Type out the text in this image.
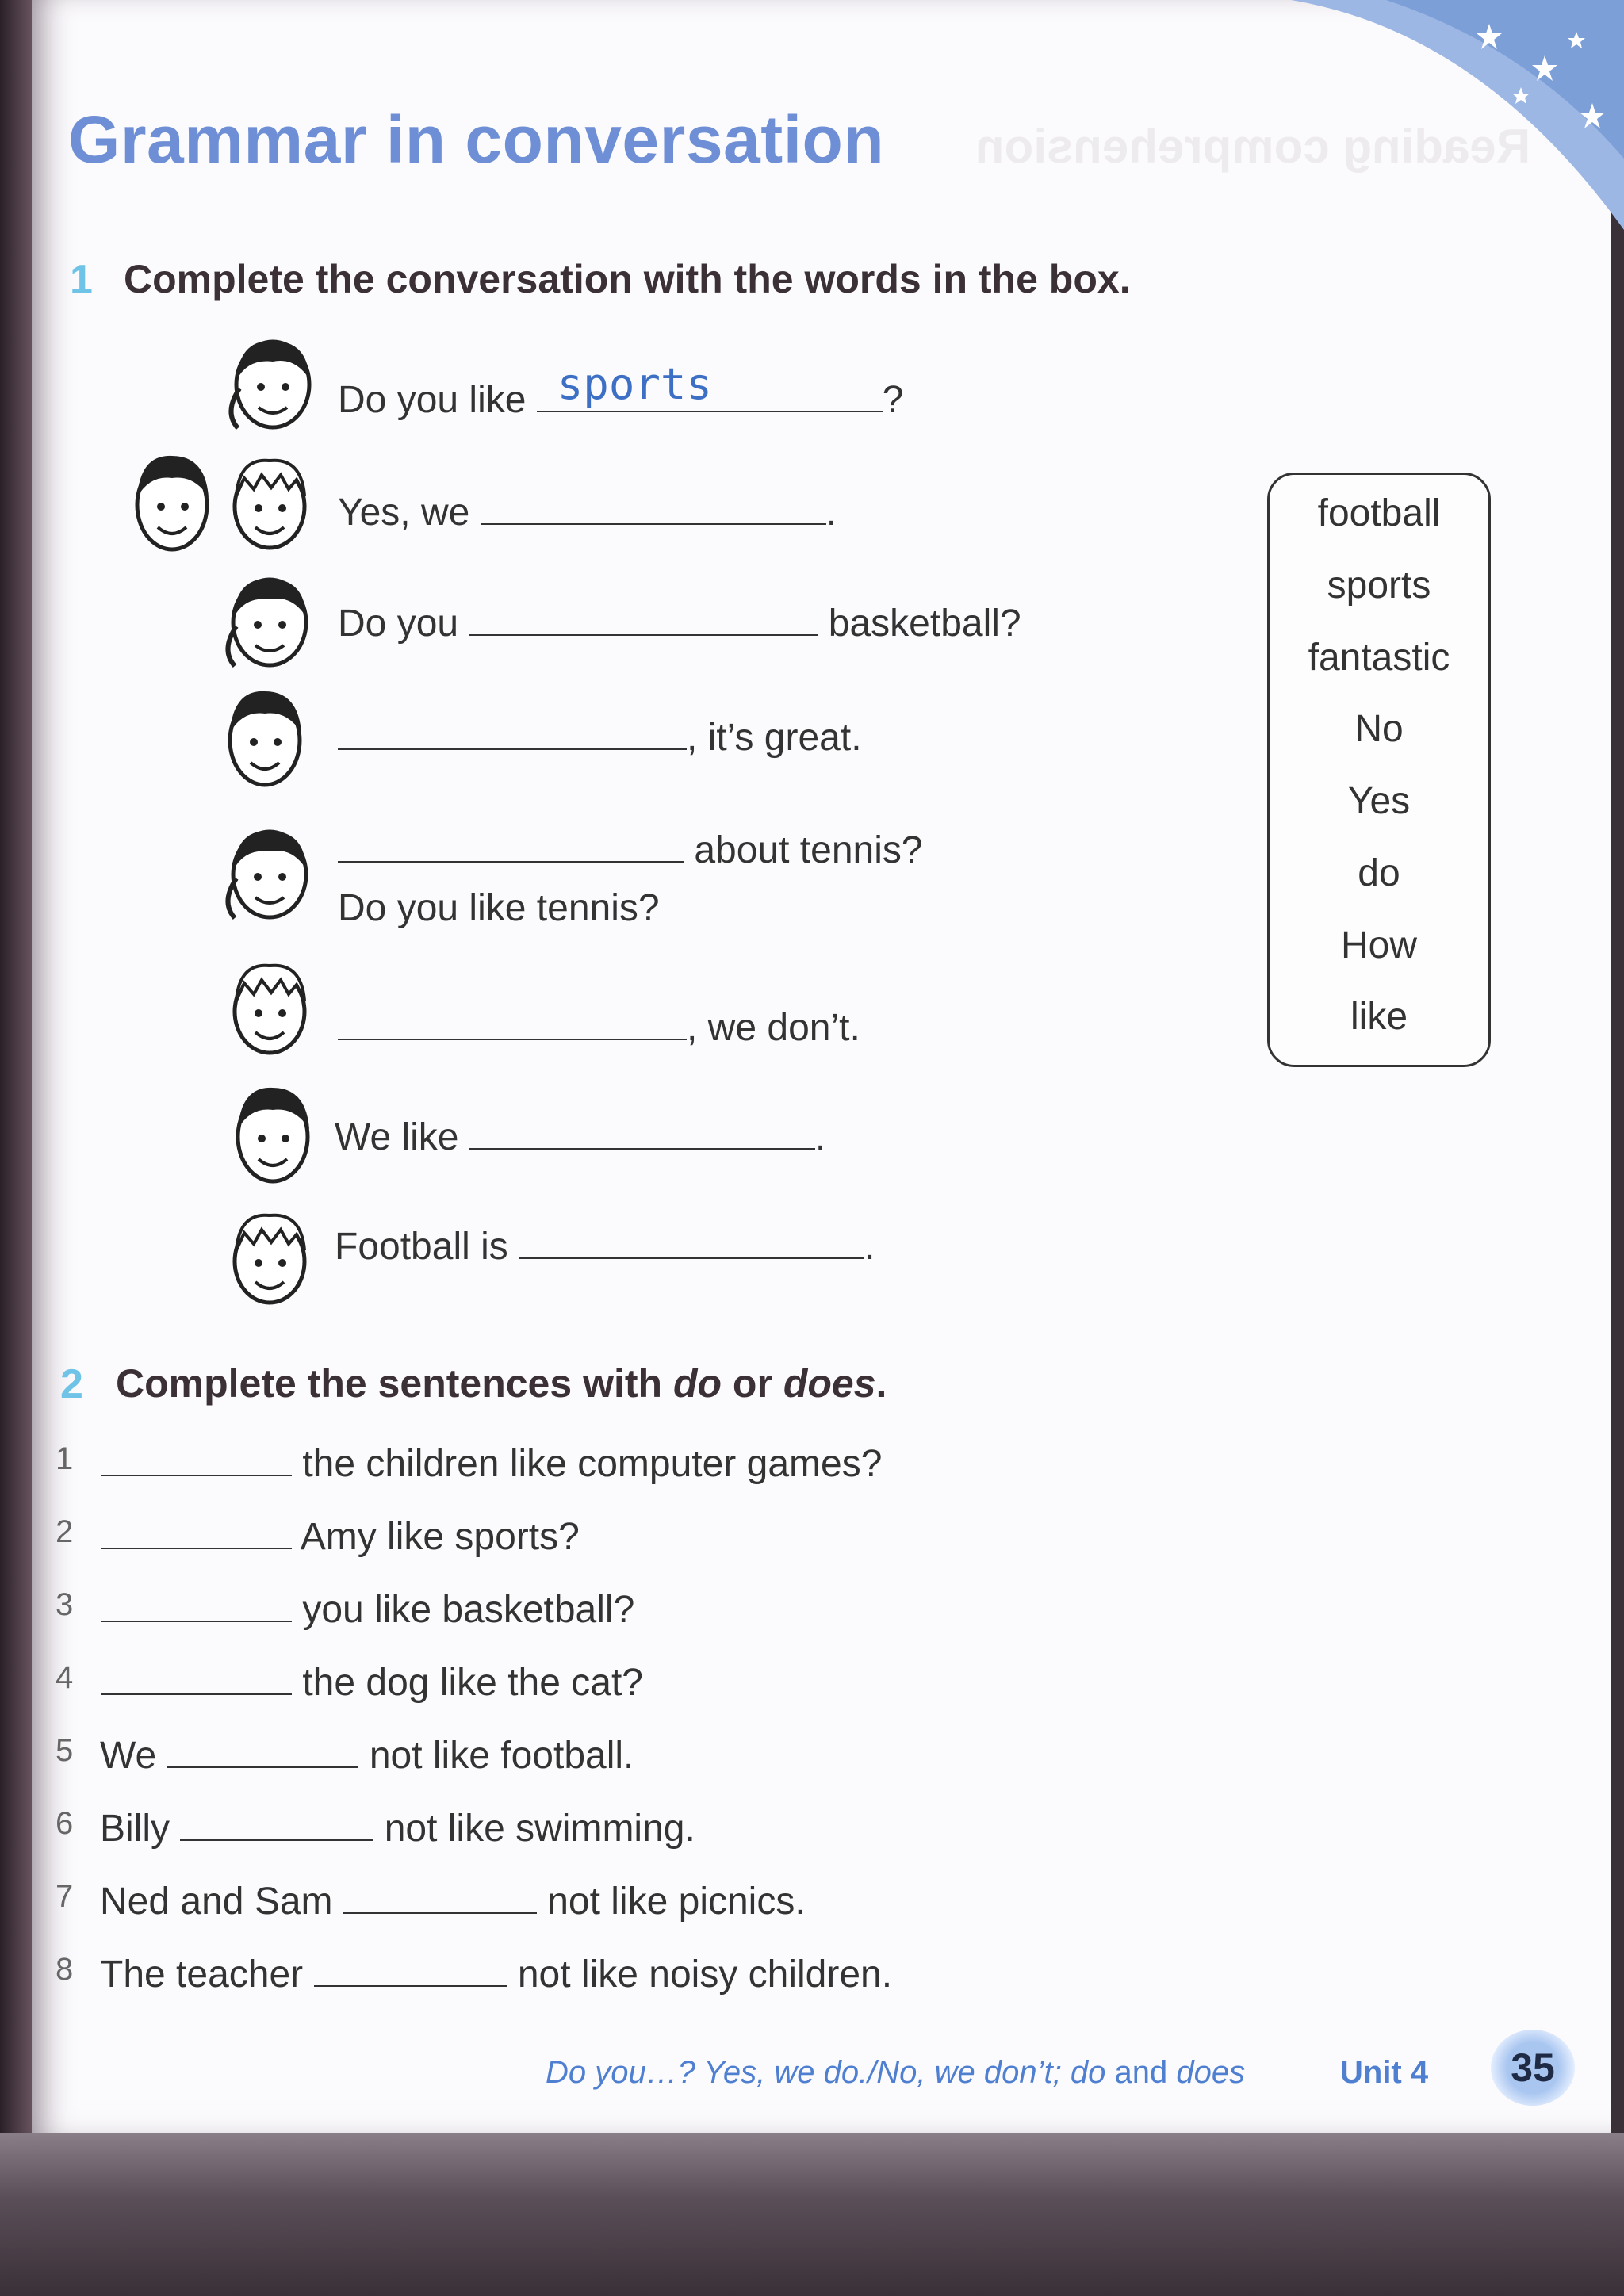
Reading comprehension
Grammar in conversation
1 Complete the conversation with the words in the box.
Do you like sports	?
Yes, we	.
Do you	basketball?
, it’s great.
about tennis?
Do you like tennis?
, we don’t.
We like	.
Football is	.
football
sports
fantastic
No
Yes
do
How
like
2 Complete the sentences with do or does.
1	the children like computer games?
2	Amy like sports?
3	you like basketball?
4	the dog like the cat?
5 We	not like football.
6 Billy	not like swimming.
7 Ned and Sam	not like picnics.
8 The teacher	not like noisy children.
Do you…? Yes, we do./No, we don’t; do and does	Unit 4	35
